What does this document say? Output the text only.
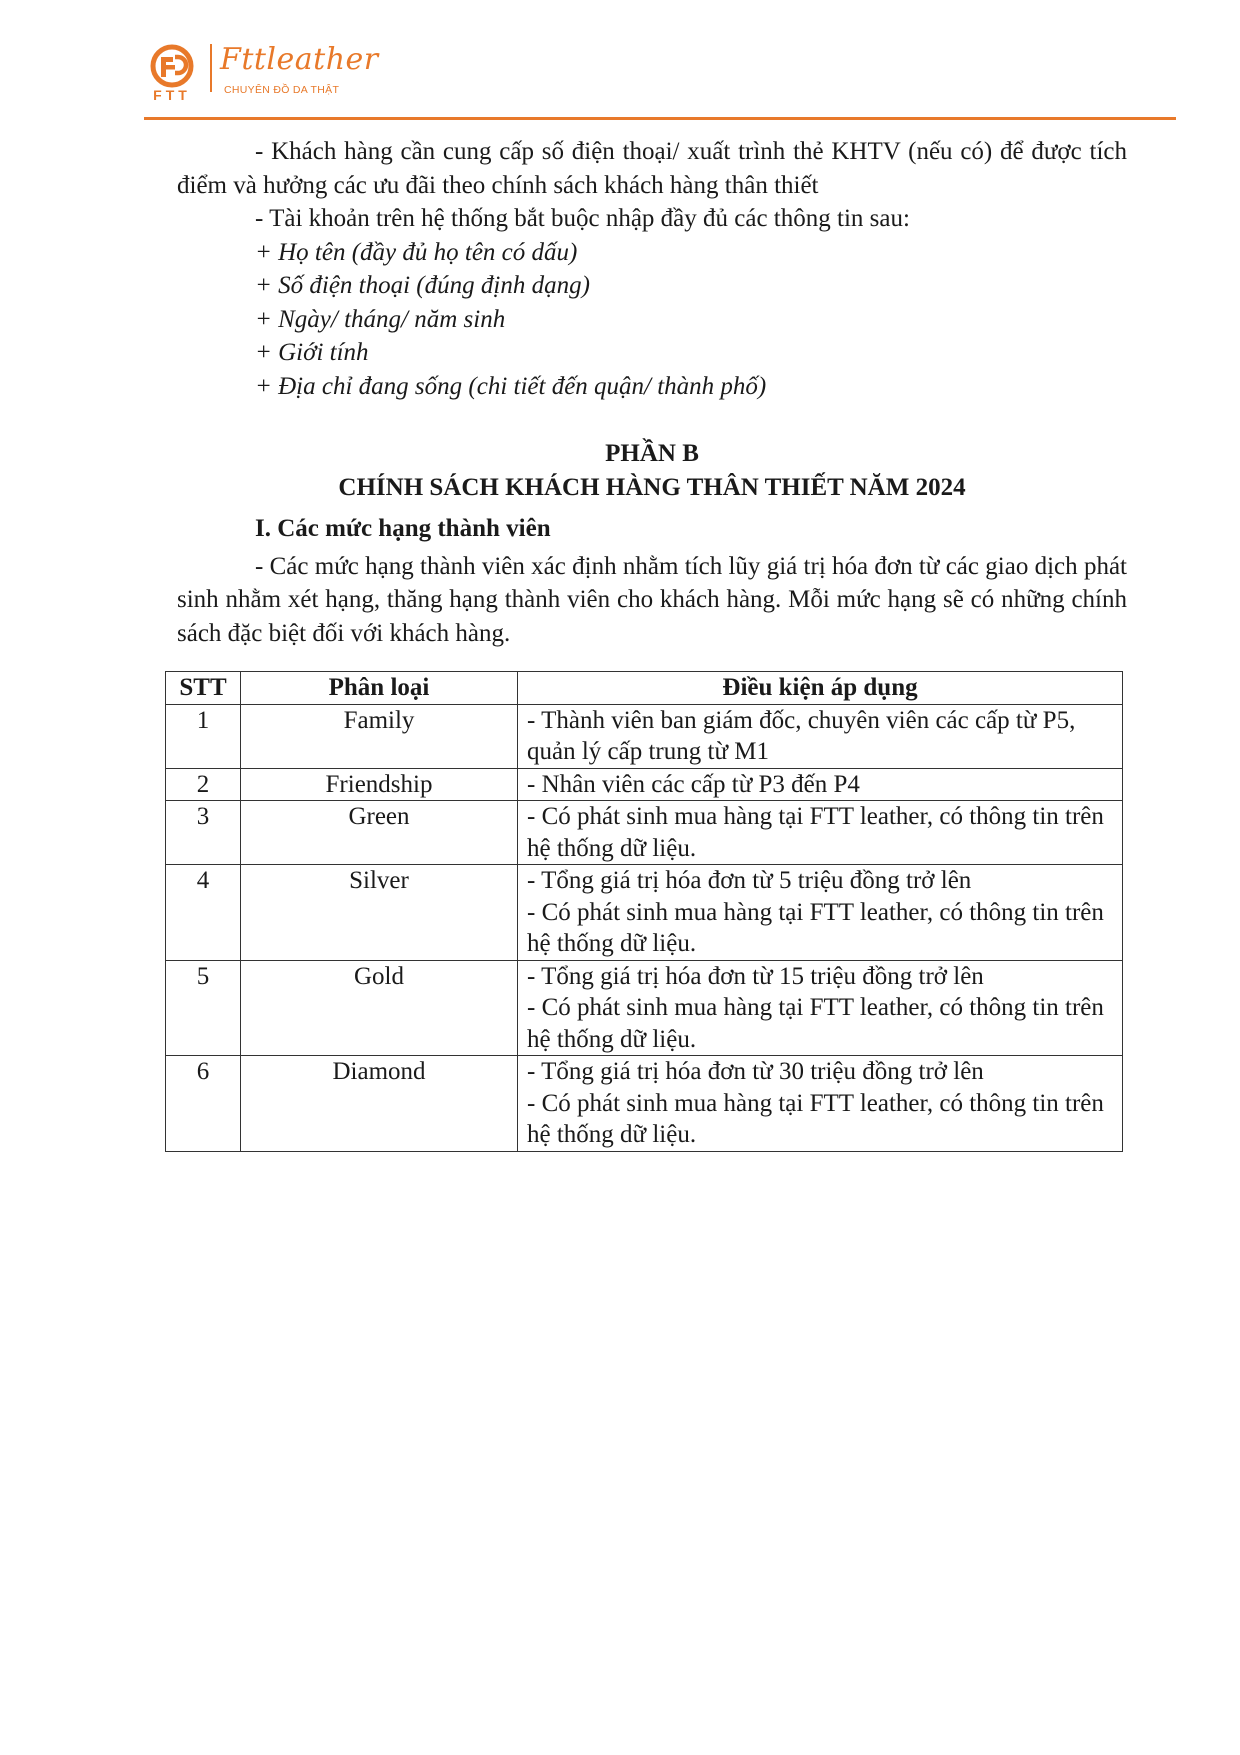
FTT
Fttleather
CHUYÊN ĐỒ DA THẬT

- Khách hàng cần cung cấp số điện thoại/ xuất trình thẻ KHTV (nếu có) để được tích điểm và hưởng các ưu đãi theo chính sách khách hàng thân thiết

- Tài khoản trên hệ thống bắt buộc nhập đầy đủ các thông tin sau:

+ Họ tên (đầy đủ họ tên có dấu)

+ Số điện thoại (đúng định dạng)

+ Ngày/ tháng/ năm sinh

+ Giới tính

+ Địa chỉ đang sống (chi tiết đến quận/ thành phố)

PHẦN B

CHÍNH SÁCH KHÁCH HÀNG THÂN THIẾT NĂM 2024

I. Các mức hạng thành viên

- Các mức hạng thành viên xác định nhằm tích lũy giá trị hóa đơn từ các giao dịch phát sinh nhằm xét hạng, thăng hạng thành viên cho khách hàng. Mỗi mức hạng sẽ có những chính sách đặc biệt đối với khách hàng.

STT	Phân loại	Điều kiện áp dụng
1	Family	- Thành viên ban giám đốc, chuyên viên các cấp từ P5, quản lý cấp trung từ M1

2	Friendship	- Nhân viên các cấp từ P3 đến P4

3	Green	- Có phát sinh mua hàng tại FTT leather, có thông tin trên hệ thống dữ liệu.

4	Silver	- Tổng giá trị hóa đơn từ 5 triệu đồng trở lên
- Có phát sinh mua hàng tại FTT leather, có thông tin trên hệ thống dữ liệu.

5	Gold	- Tổng giá trị hóa đơn từ 15 triệu đồng trở lên
- Có phát sinh mua hàng tại FTT leather, có thông tin trên hệ thống dữ liệu.

6	Diamond	- Tổng giá trị hóa đơn từ 30 triệu đồng trở lên
- Có phát sinh mua hàng tại FTT leather, có thông tin trên hệ thống dữ liệu.
